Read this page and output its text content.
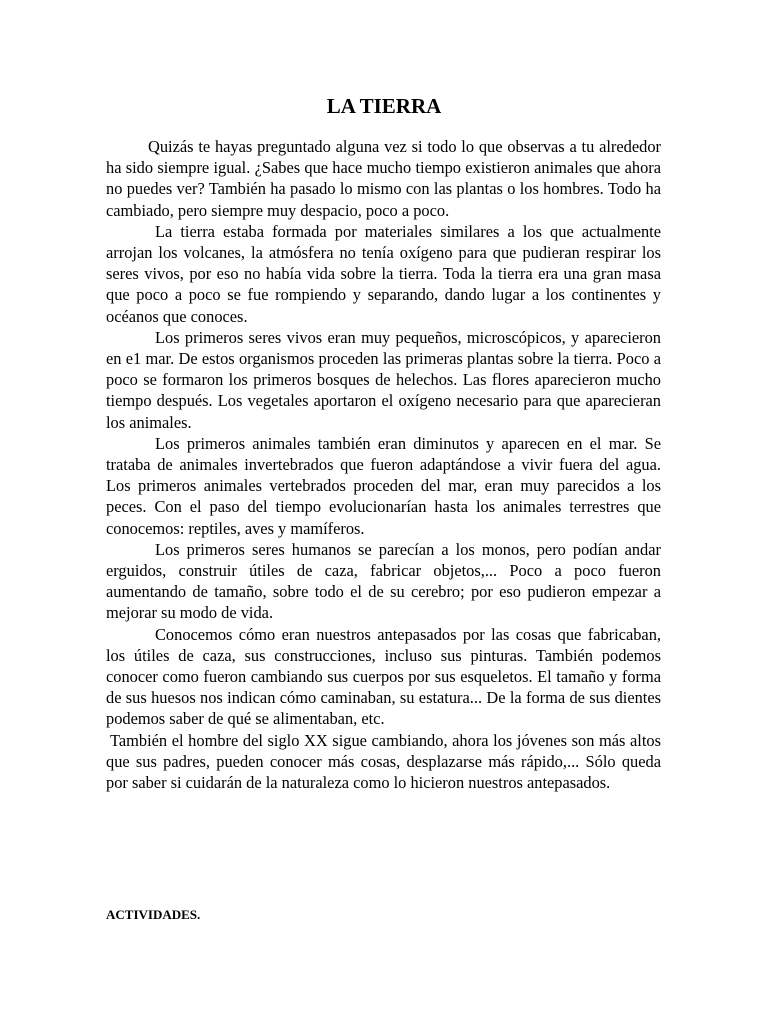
LA TIERRA

Quizás te hayas preguntado alguna vez si todo lo que observas a tu alrededor ha sido siempre igual. ¿Sabes que hace mucho tiempo existieron animales que ahora no puedes ver? También ha pasado lo mismo con las plantas o los hombres. Todo ha cambiado, pero siempre muy despacio, poco a poco.

La tierra estaba formada por materiales similares a los que actualmente arrojan los volcanes, la atmósfera no tenía oxígeno para que pudieran respirar los seres vivos, por eso no había vida sobre la tierra. Toda la tierra era una gran masa que poco a poco se fue rompiendo y separando, dando lugar a los continentes y océanos que conoces.

Los primeros seres vivos eran muy pequeños, microscópicos, y aparecieron en e1 mar. De estos organismos proceden las primeras plantas sobre la tierra. Poco a poco se formaron los primeros bosques de helechos. Las flores aparecieron mucho tiempo después. Los vegetales aportaron el oxígeno necesario para que aparecieran los animales.

Los primeros animales también eran diminutos y aparecen en el mar. Se trataba de animales invertebrados que fueron adaptándose a vivir fuera del agua. Los primeros animales vertebrados proceden del mar, eran muy parecidos a los peces. Con el paso del tiempo evolucionarían hasta los animales terrestres que conocemos: reptiles, aves y mamíferos.

Los primeros seres humanos se parecían a los monos, pero podían andar erguidos, construir útiles de caza, fabricar objetos,... Poco a poco fueron aumentando de tamaño, sobre todo el de su cerebro; por eso pudieron empezar a mejorar su modo de vida.

Conocemos cómo eran nuestros antepasados por las cosas que fabricaban, los útiles de caza, sus construcciones, incluso sus pinturas. También podemos conocer como fueron cambiando sus cuerpos por sus esqueletos. El tamaño y forma de sus huesos nos indican cómo caminaban, su estatura... De la forma de sus dientes podemos saber de qué se alimentaban, etc.

También el hombre del siglo XX sigue cambiando, ahora los jóvenes son más altos que sus padres, pueden conocer más cosas, desplazarse más rápido,... Sólo queda por saber si cuidarán de la naturaleza como lo hicieron nuestros antepasados.

ACTIVIDADES.
